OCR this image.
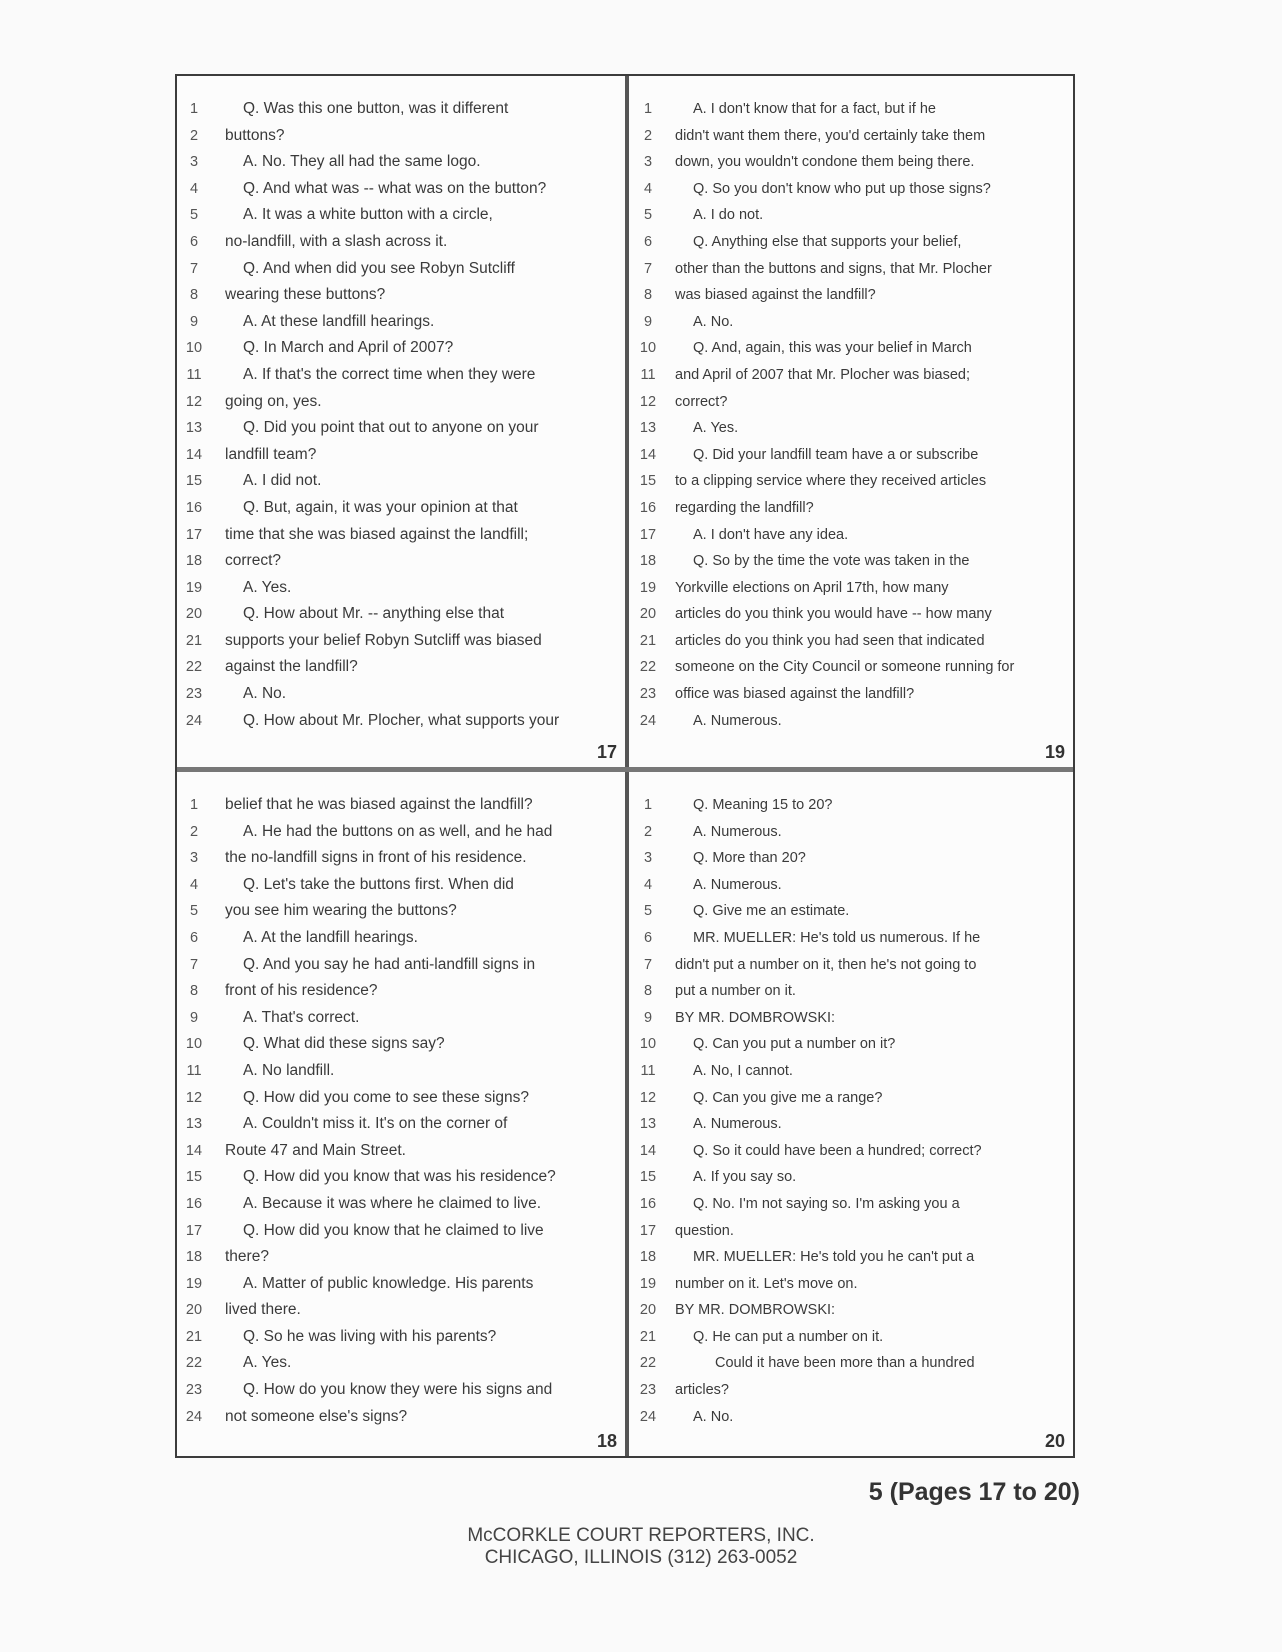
1	Q. Was this one button, was it different
2	buttons?
3	A. No. They all had the same logo.
4	Q. And what was -- what was on the button?
5	A. It was a white button with a circle,
6	no-landfill, with a slash across it.
7	Q. And when did you see Robyn Sutcliff
8	wearing these buttons?
9	A. At these landfill hearings.
10	Q. In March and April of 2007?
11	A. If that's the correct time when they were
12	going on, yes.
13	Q. Did you point that out to anyone on your
14	landfill team?
15	A. I did not.
16	Q. But, again, it was your opinion at that
17	time that she was biased against the landfill;
18	correct?
19	A. Yes.
20	Q. How about Mr. -- anything else that
21	supports your belief Robyn Sutcliff was biased
22	against the landfill?
23	A. No.
24	Q. How about Mr. Plocher, what supports your
17
1	A. I don't know that for a fact, but if he
2	didn't want them there, you'd certainly take them
3	down, you wouldn't condone them being there.
4	Q. So you don't know who put up those signs?
5	A. I do not.
6	Q. Anything else that supports your belief,
7	other than the buttons and signs, that Mr. Plocher
8	was biased against the landfill?
9	A. No.
10	Q. And, again, this was your belief in March
11	and April of 2007 that Mr. Plocher was biased;
12	correct?
13	A. Yes.
14	Q. Did your landfill team have a or subscribe
15	to a clipping service where they received articles
16	regarding the landfill?
17	A. I don't have any idea.
18	Q. So by the time the vote was taken in the
19	Yorkville elections on April 17th, how many
20	articles do you think you would have -- how many
21	articles do you think you had seen that indicated
22	someone on the City Council or someone running for
23	office was biased against the landfill?
24	A. Numerous.
19
1	belief that he was biased against the landfill?
2	A. He had the buttons on as well, and he had
3	the no-landfill signs in front of his residence.
4	Q. Let's take the buttons first. When did
5	you see him wearing the buttons?
6	A. At the landfill hearings.
7	Q. And you say he had anti-landfill signs in
8	front of his residence?
9	A. That's correct.
10	Q. What did these signs say?
11	A. No landfill.
12	Q. How did you come to see these signs?
13	A. Couldn't miss it. It's on the corner of
14	Route 47 and Main Street.
15	Q. How did you know that was his residence?
16	A. Because it was where he claimed to live.
17	Q. How did you know that he claimed to live
18	there?
19	A. Matter of public knowledge. His parents
20	lived there.
21	Q. So he was living with his parents?
22	A. Yes.
23	Q. How do you know they were his signs and
24	not someone else's signs?
18
1	Q. Meaning 15 to 20?
2	A. Numerous.
3	Q. More than 20?
4	A. Numerous.
5	Q. Give me an estimate.
6	MR. MUELLER: He's told us numerous. If he
7	didn't put a number on it, then he's not going to
8	put a number on it.
9	BY MR. DOMBROWSKI:
10	Q. Can you put a number on it?
11	A. No, I cannot.
12	Q. Can you give me a range?
13	A. Numerous.
14	Q. So it could have been a hundred; correct?
15	A. If you say so.
16	Q. No. I'm not saying so. I'm asking you a
17	question.
18	MR. MUELLER: He's told you he can't put a
19	number on it. Let's move on.
20	BY MR. DOMBROWSKI:
21	Q. He can put a number on it.
22	Could it have been more than a hundred
23	articles?
24	A. No.
20
5 (Pages 17 to 20)
McCORKLE COURT REPORTERS, INC.
CHICAGO, ILLINOIS (312) 263-0052
